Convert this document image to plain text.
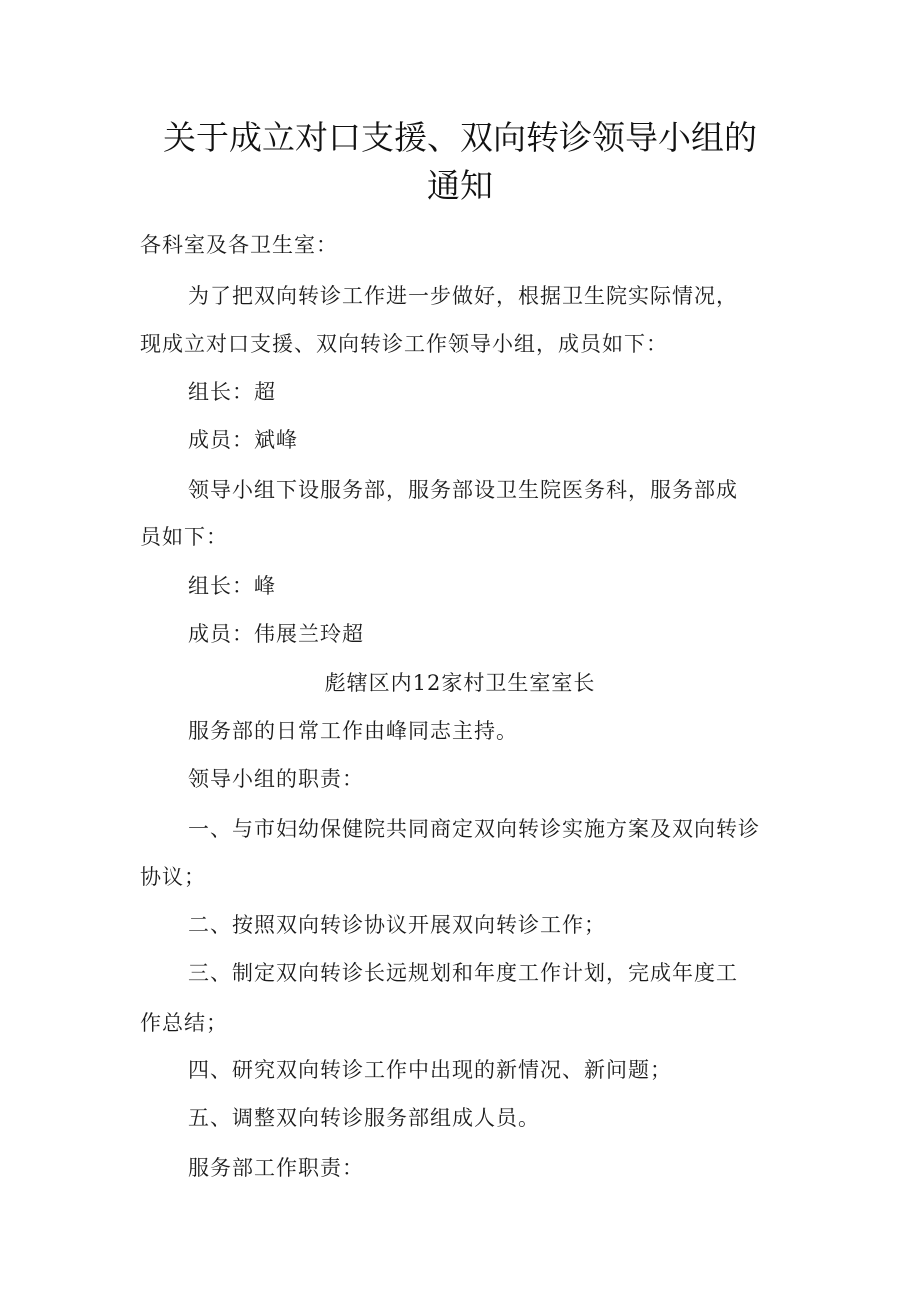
关于成立对口支援、双向转诊领导小组的
通知
各科室及各卫生室：
为了把双向转诊工作进一步做好，根据卫生院实际情况，
现成立对口支援、双向转诊工作领导小组，成员如下：
组长：超
成员：斌峰
领导小组下设服务部，服务部设卫生院医务科，服务部成
员如下：
组长：峰
成员：伟展兰玲超
彪辖区内12家村卫生室室长
服务部的日常工作由峰同志主持。
领导小组的职责：
一、与市妇幼保健院共同商定双向转诊实施方案及双向转诊
协议；
二、按照双向转诊协议开展双向转诊工作；
三、制定双向转诊长远规划和年度工作计划，完成年度工
作总结；
四、研究双向转诊工作中出现的新情况、新问题；
五、调整双向转诊服务部组成人员。
服务部工作职责：
